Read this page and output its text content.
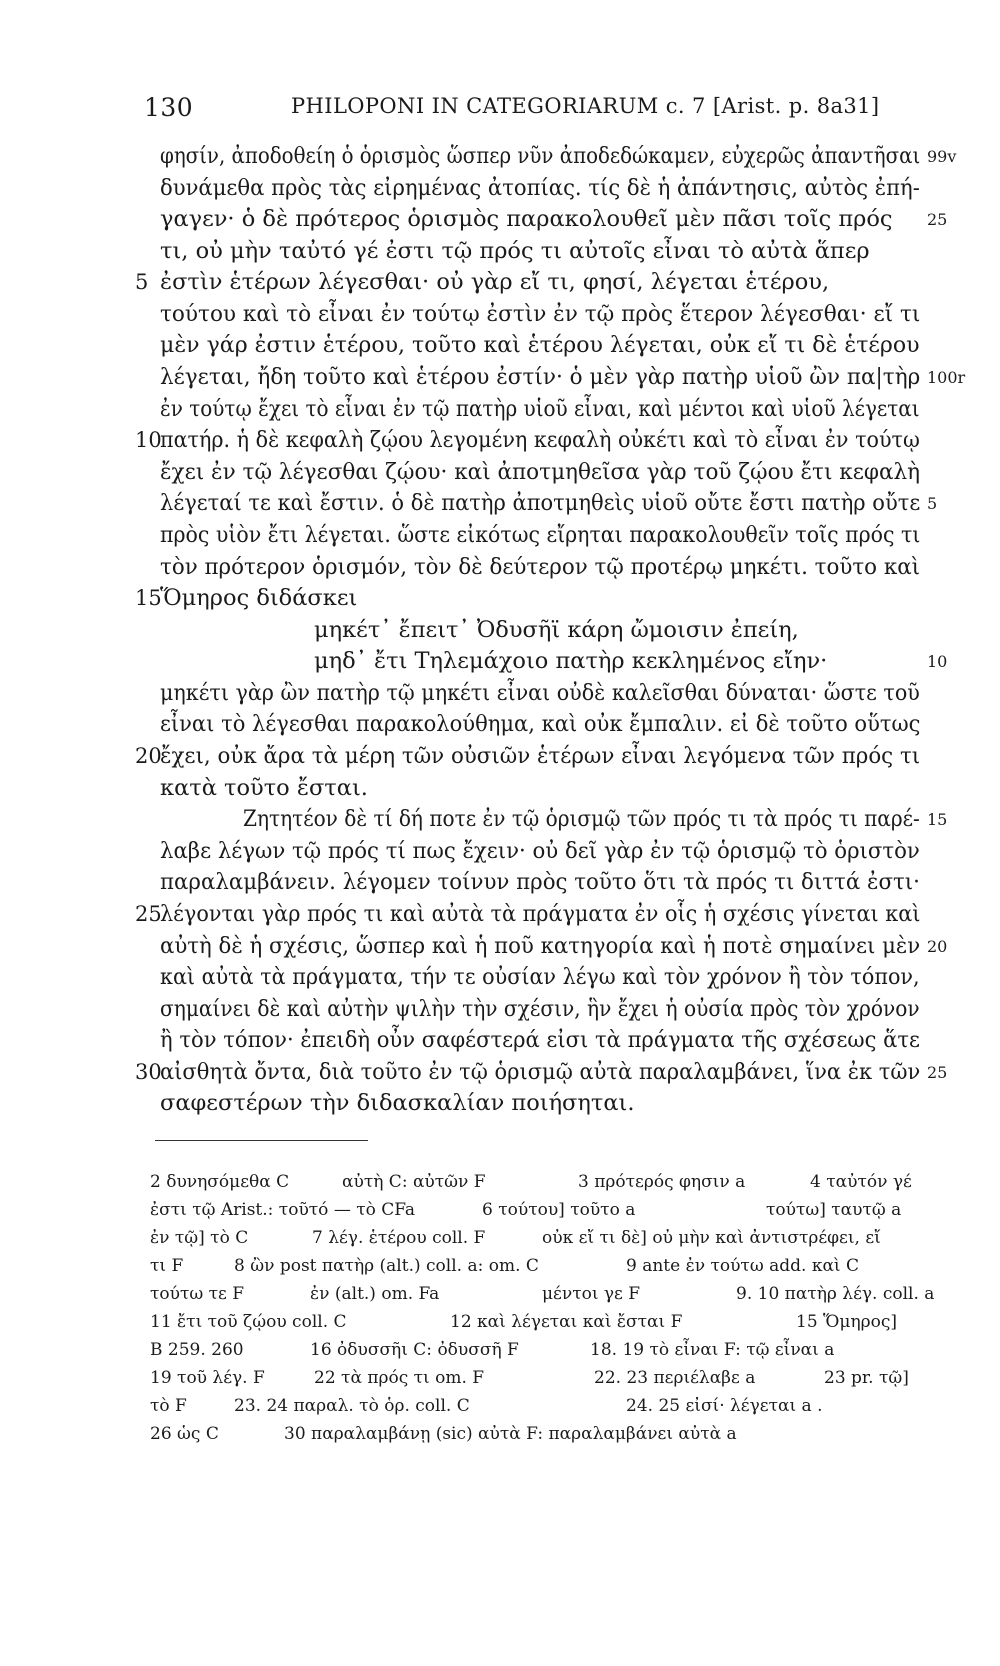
130	PHILOPONI IN CATEGORIARUM c. 7 [Arist. p. 8a31]
φησίν, ἀποδοθείη ὁ ὁρισμὸς ὥσπερ νῦν ἀποδεδώκαμεν, εὐχερῶς ἀπαντῆσαι
δυνάμεθα πρὸς τὰς εἰρημένας ἀτοπίας. τίς δὲ ἡ ἀπάντησις, αὐτὸς ἐπή-
γαγεν· ὁ δὲ πρότερος ὁρισμὸς παρακολουθεῖ μὲν πᾶσι τοῖς πρός
τι, οὐ μὴν ταὐτό γέ ἐστι τῷ πρός τι αὐτοῖς εἶναι τὸ αὐτὰ ἅπερ
ἐστὶν ἑτέρων λέγεσθαι· οὐ γὰρ εἴ τι, φησί, λέγεται ἑτέρου,
τούτου καὶ τὸ εἶναι ἐν τούτῳ ἐστὶν ἐν τῷ πρὸς ἕτερον λέγεσθαι· εἴ τι
μὲν γάρ ἐστιν ἑτέρου, τοῦτο καὶ ἑτέρου λέγεται, οὐκ εἴ τι δὲ ἑτέρου
λέγεται, ἤδη τοῦτο καὶ ἑτέρου ἐστίν· ὁ μὲν γὰρ πατὴρ υἱοῦ ὢν πα|τὴρ
ἐν τούτῳ ἔχει τὸ εἶναι ἐν τῷ πατὴρ υἱοῦ εἶναι, καὶ μέντοι καὶ υἱοῦ λέγεται
πατήρ. ἡ δὲ κεφαλὴ ζῴου λεγομένη κεφαλὴ οὐκέτι καὶ τὸ εἶναι ἐν τούτῳ
ἔχει ἐν τῷ λέγεσθαι ζῴου· καὶ ἀποτμηθεῖσα γὰρ τοῦ ζῴου ἔτι κεφαλὴ
λέγεταί τε καὶ ἔστιν. ὁ δὲ πατὴρ ἀποτμηθεὶς υἱοῦ οὔτε ἔστι πατὴρ οὔτε
πρὸς υἱὸν ἔτι λέγεται. ὥστε εἰκότως εἴρηται παρακολουθεῖν τοῖς πρός τι
τὸν πρότερον ὁρισμόν, τὸν δὲ δεύτερον τῷ προτέρῳ μηκέτι. τοῦτο καὶ
Ὅμηρος διδάσκει
μηκέτ᾽ ἔπειτ᾽ Ὀδυσῆϊ κάρη ὤμοισιν ἐπείη,
μηδ᾽ ἔτι Τηλεμάχοιο πατὴρ κεκλημένος εἴην·
μηκέτι γὰρ ὢν πατὴρ τῷ μηκέτι εἶναι οὐδὲ καλεῖσθαι δύναται· ὥστε τοῦ
εἶναι τὸ λέγεσθαι παρακολούθημα, καὶ οὐκ ἔμπαλιν. εἰ δὲ τοῦτο οὕτως
ἔχει, οὐκ ἄρα τὰ μέρη τῶν οὐσιῶν ἑτέρων εἶναι λεγόμενα τῶν πρός τι
κατὰ τοῦτο ἔσται.
Ζητητέον δὲ τί δή ποτε ἐν τῷ ὁρισμῷ τῶν πρός τι τὰ πρός τι παρέ-
λαβε λέγων τῷ πρός τί πως ἔχειν· οὐ δεῖ γὰρ ἐν τῷ ὁρισμῷ τὸ ὁριστὸν
παραλαμβάνειν. λέγομεν τοίνυν πρὸς τοῦτο ὅτι τὰ πρός τι διττά ἐστι·
λέγονται γὰρ πρός τι καὶ αὐτὰ τὰ πράγματα ἐν οἷς ἡ σχέσις γίνεται καὶ
αὐτὴ δὲ ἡ σχέσις, ὥσπερ καὶ ἡ ποῦ κατηγορία καὶ ἡ ποτὲ σημαίνει μὲν
καὶ αὐτὰ τὰ πράγματα, τήν τε οὐσίαν λέγω καὶ τὸν χρόνον ἢ τὸν τόπον,
σημαίνει δὲ καὶ αὐτὴν ψιλὴν τὴν σχέσιν, ἣν ἔχει ἡ οὐσία πρὸς τὸν χρόνον
ἢ τὸν τόπον· ἐπειδὴ οὖν σαφέστερά εἰσι τὰ πράγματα τῆς σχέσεως ἅτε
αἰσθητὰ ὄντα, διὰ τοῦτο ἐν τῷ ὁρισμῷ αὐτὰ παραλαμβάνει, ἵνα ἐκ τῶν
σαφεστέρων τὴν διδασκαλίαν ποιήσηται.
5
10
15
20
25
30
99v
25
100r
5
10
15
20
25
2 δυνησόμεθα C	αὐτὴ C: αὐτῶν F	3 πρότερός φησιν a	4 ταὐτόν γέ
ἐστι τῷ Arist.: τοῦτό — τὸ CFa	6 τούτου] τοῦτο a	τούτω] ταυτῷ a
ἐν τῷ] τὸ C	7 λέγ. ἑτέρου coll. F	οὐκ εἴ τι δὲ] οὐ μὴν καὶ ἀντιστρέφει, εἴ
τι F	8 ὢν post πατὴρ (alt.) coll. a: om. C	9 ante ἐν τούτω add. καὶ C
τούτω τε F	ἐν (alt.) om. Fa	μέντοι γε F	9. 10 πατὴρ λέγ. coll. a
11 ἔτι τοῦ ζῴου coll. C	12 καὶ λέγεται καὶ ἔσται F	15 Ὅμηρος]
B 259. 260	16 ὀδυσσῆι C: ὀδυσσῆ F	18. 19 τὸ εἶναι F: τῷ εἶναι a
19 τοῦ λέγ. F	22 τὰ πρός τι om. F	22. 23 περιέλαβε a	23 pr. τῷ]
τὸ F	23. 24 παραλ. τὸ ὁρ. coll. C	24. 25 εἰσί· λέγεται a .
26 ὡς C	30 παραλαμβάνῃ (sic) αὐτὰ F: παραλαμβάνει αὐτὰ a
